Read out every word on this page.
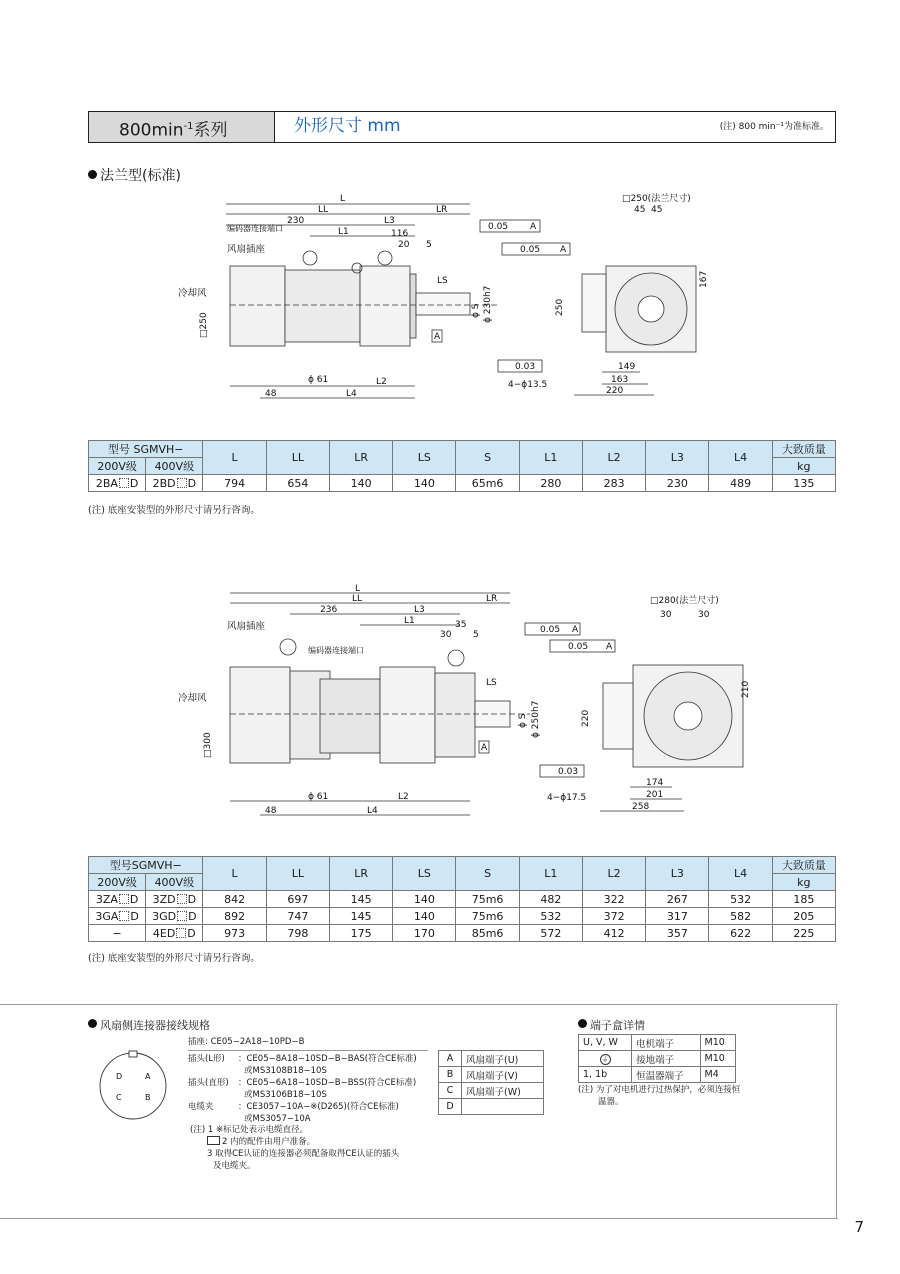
$800\min^{-1}$系列	外形尺寸 mm	(注) 800 min⁻¹为准标准。
法兰型(标准)
L
LL	LR
230	L3
L1	116
20 5
编码器连接端口
风扇插座
冷却风
□250
0.05 A
0.05 A
A
LS
ϕ 230h7
ϕ S
0.03
4−ϕ13.5
ϕ 61	L2
48	L4
□250(法兰尺寸)
45 45
167
250
149
163
220
型号 SGMVH−		L	LL	LR	LS	S	L1	L2	L3	L4	大致质量
200V级	400V级										kg
2BA D	2BD D	794	654	140	140	65m6	280	283	230	489	135
(注) 底座安装型的外形尺寸请另行咨询。
L
LL	LR
236	L3
L1	35
30 5
风扇插座
编码器连接端口
冷却风
□300
0.05 A
0.05 A
A
LS
ϕ 250h7
ϕ S
0.03
4−ϕ17.5
ϕ 61	L2
48	L4
□280(法兰尺寸)
30	30
210
220
174
201
258
型号SGMVH−		L	LL	LR	LS	S	L1	L2	L3	L4	大致质量
200V级	400V级										kg
3ZA D	3ZD D	842	697	145	140	75m6	482	322	267	532	185
3GA D	3GD D	892	747	145	140	75m6	532	372	317	582	205
−	4ED D	973	798	175	170	85m6	572	412	357	622	225
(注) 底座安装型的外形尺寸请另行咨询。
风扇侧连接器接线规格
D	A
C	B
插座: CE05−2A18−10PD−B
插头(L形) ：CE05−8A18−10SD−B−BAS(符合CE标准)
或MS3108B18−10S
插头(直形) ：CE05−6A18−10SD−B−BSS(符合CE标准)
或MS3106B18−10S
电缆夹	：CE3057−10A−※(D265)(符合CE标准)
或MS3057−10A
A	风扇端子(U)
B	风扇端子(V)
C	风扇端子(W)
D	
(注) 1 ※标记处表示电缆直径。
2 内的配件由用户准备。
3 取得CE认证的连接器必须配备取得CE认证的插头
及电缆夹。
端子盒详情
U, V, W	电机端子	M10
⏚	接地端子	M10
1, 1b	恒温器端子	M4
(注) 为了对电机进行过热保护，必须连接恒
温器。
7
